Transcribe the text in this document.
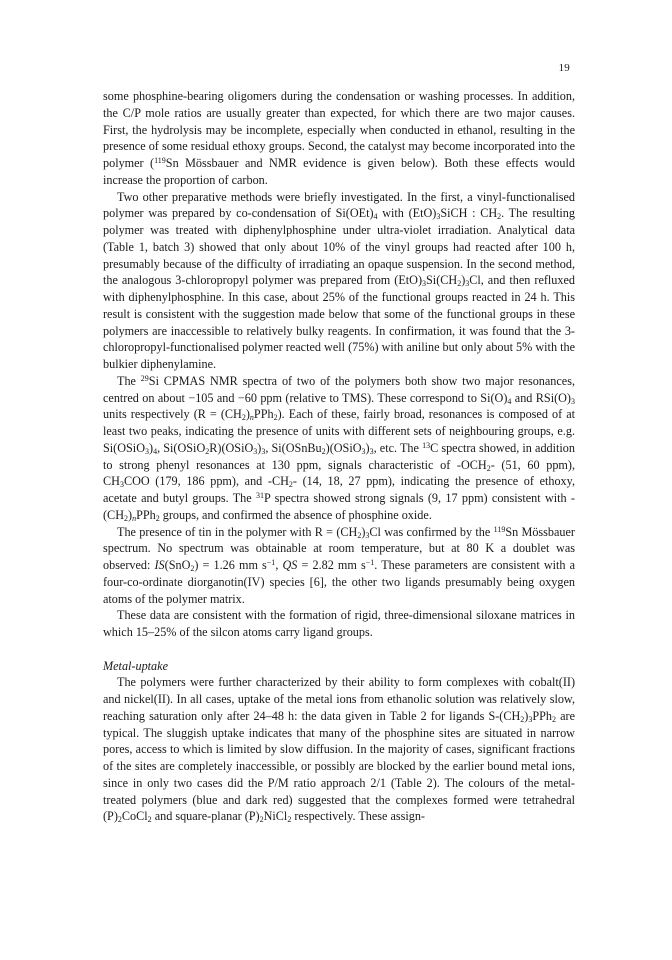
19

some phosphine-bearing oligomers during the condensation or washing processes. In addition, the C/P mole ratios are usually greater than expected, for which there are two major causes. First, the hydrolysis may be incomplete, especially when conducted in ethanol, resulting in the presence of some residual ethoxy groups. Second, the catalyst may become incorporated into the polymer ($^{119}$Sn Mössbauer and NMR evidence is given below). Both these effects would increase the proportion of carbon.

Two other preparative methods were briefly investigated. In the first, a vinyl-functionalised polymer was prepared by co-condensation of $Si(OEt)_4$ with $(EtO)_3SiCH$ : $CH_2$. The resulting polymer was treated with diphenylphosphine under ultra-violet irradiation. Analytical data (Table 1, batch 3) showed that only about 10% of the vinyl groups had reacted after 100 h, presumably because of the difficulty of irradiating an opaque suspension. In the second method, the analogous 3-chloropropyl polymer was prepared from $(EtO)_3Si(CH_2)_3Cl$, and then refluxed with diphenylphosphine. In this case, about 25% of the functional groups reacted in 24 h. This result is consistent with the suggestion made below that some of the functional groups in these polymers are inaccessible to relatively bulky reagents. In confirmation, it was found that the 3-chloropropyl-functionalised polymer reacted well (75%) with aniline but only about 5% with the bulkier diphenylamine.

The $^{29}$Si CPMAS NMR spectra of two of the polymers both show two major resonances, centred on about −105 and −60 ppm (relative to TMS). These correspond to $Si(O)_4$ and $RSi(O)_3$ units respectively $(R = (CH_2)_nPPh_2)$. Each of these, fairly broad, resonances is composed of at least two peaks, indicating the presence of units with different sets of neighbouring groups, e.g. $Si(OSiO_3)_4$, $Si(OSiO_2R)(OSiO_3)_3$, $Si(OSnBu_2)(OSiO_3)_3$, etc. The $^{13}$C spectra showed, in addition to strong phenyl resonances at 130 ppm, signals characteristic of $-OCH_2-$ (51, 60 ppm), $CH_3COO$ (179, 186 ppm), and $-CH_2-$ (14, 18, 27 ppm), indicating the presence of ethoxy, acetate and butyl groups. The $^{31}$P spectra showed strong signals (9, 17 ppm) consistent with $-(CH_2)_nPPh_2$ groups, and confirmed the absence of phosphine oxide.

The presence of tin in the polymer with $R = (CH_2)_3Cl$ was confirmed by the $^{119}$Sn Mössbauer spectrum. No spectrum was obtainable at room temperature, but at 80 K a doublet was observed: IS(SnO$_2$) = 1.26 mm $s^{-1}$, QS = 2.82 mm $s^{-1}$. These parameters are consistent with a four-co-ordinate diorganotin(IV) species [6], the other two ligands presumably being oxygen atoms of the polymer matrix.

These data are consistent with the formation of rigid, three-dimensional siloxane matrices in which 15–25% of the silcon atoms carry ligand groups.

Metal-uptake

The polymers were further characterized by their ability to form complexes with cobalt(II) and nickel(II). In all cases, uptake of the metal ions from ethanolic solution was relatively slow, reaching saturation only after 24–48 h: the data given in Table 2 for ligands $S-(CH_2)_3PPh_2$ are typical. The sluggish uptake indicates that many of the phosphine sites are situated in narrow pores, access to which is limited by slow diffusion. In the majority of cases, significant fractions of the sites are completely inaccessible, or possibly are blocked by the earlier bound metal ions, since in only two cases did the P/M ratio approach 2/1 (Table 2). The colours of the metal-treated polymers (blue and dark red) suggested that the complexes formed were tetrahedral $(P)_2CoCl_2$ and square-planar $(P)_2NiCl_2$ respectively. These assign-
